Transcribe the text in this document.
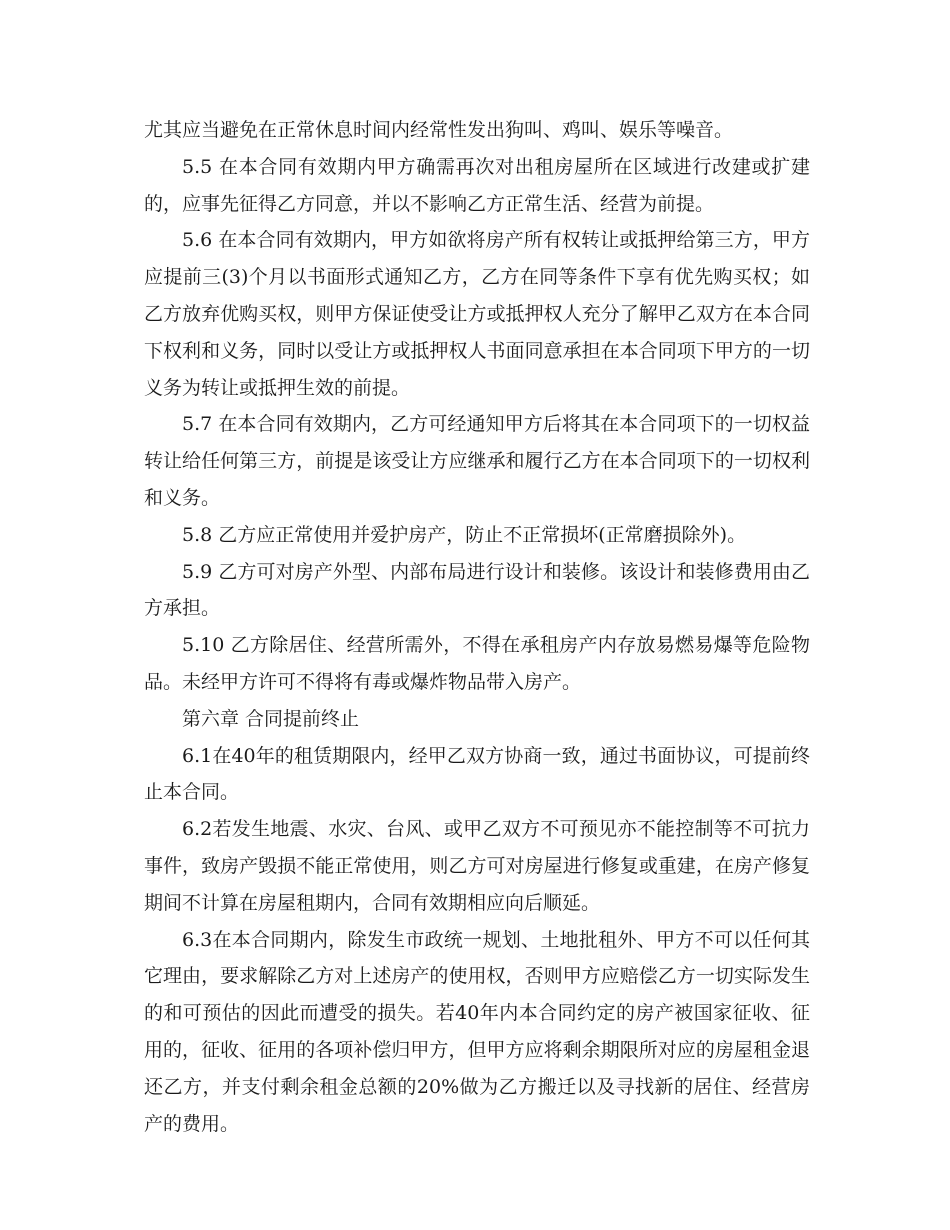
尤其应当避免在正常休息时间内经常性发出狗叫、鸡叫、娱乐等噪音。

5.5 在本合同有效期内甲方确需再次对出租房屋所在区域进行改建或扩建的，应事先征得乙方同意，并以不影响乙方正常生活、经营为前提。

5.6 在本合同有效期内，甲方如欲将房产所有权转让或抵押给第三方，甲方应提前三(3)个月以书面形式通知乙方，乙方在同等条件下享有优先购买权；如乙方放弃优购买权，则甲方保证使受让方或抵押权人充分了解甲乙双方在本合同下权利和义务，同时以受让方或抵押权人书面同意承担在本合同项下甲方的一切义务为转让或抵押生效的前提。

5.7 在本合同有效期内，乙方可经通知甲方后将其在本合同项下的一切权益转让给任何第三方，前提是该受让方应继承和履行乙方在本合同项下的一切权利和义务。

5.8 乙方应正常使用并爱护房产，防止不正常损坏(正常磨损除外)。

5.9 乙方可对房产外型、内部布局进行设计和装修。该设计和装修费用由乙方承担。

5.10 乙方除居住、经营所需外，不得在承租房产内存放易燃易爆等危险物品。未经甲方许可不得将有毒或爆炸物品带入房产。

第六章 合同提前终止

6.1在40年的租赁期限内，经甲乙双方协商一致，通过书面协议，可提前终止本合同。

6.2若发生地震、水灾、台风、或甲乙双方不可预见亦不能控制等不可抗力事件，致房产毁损不能正常使用，则乙方可对房屋进行修复或重建，在房产修复期间不计算在房屋租期内，合同有效期相应向后顺延。

6.3在本合同期内，除发生市政统一规划、土地批租外、甲方不可以任何其它理由，要求解除乙方对上述房产的使用权，否则甲方应赔偿乙方一切实际发生的和可预估的因此而遭受的损失。若40年内本合同约定的房产被国家征收、征用的，征收、征用的各项补偿归甲方，但甲方应将剩余期限所对应的房屋租金退还乙方，并支付剩余租金总额的20%做为乙方搬迁以及寻找新的居住、经营房产的费用。
